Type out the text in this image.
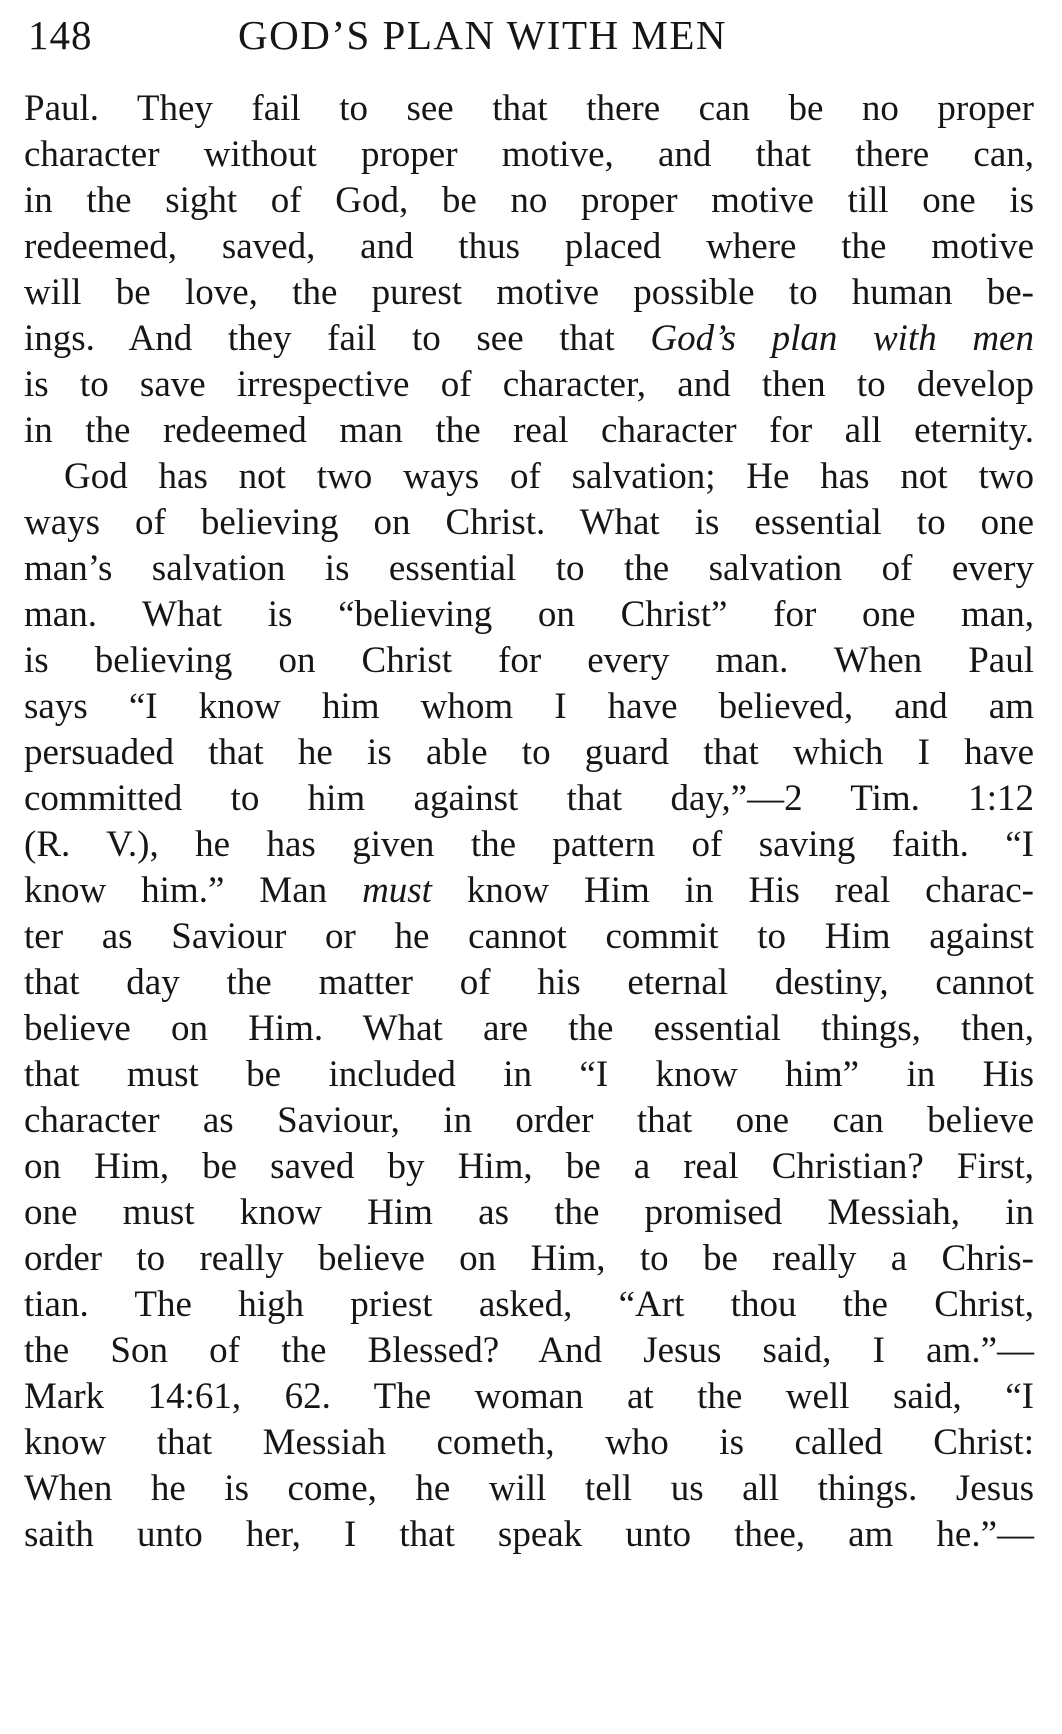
148	GOD’S PLAN WITH MEN
Paul. They fail to see that there can be no proper
character without proper motive, and that there can,
in the sight of God, be no proper motive till one is
redeemed, saved, and thus placed where the motive
will be love, the purest motive possible to human be-
ings. And they fail to see that God’s plan with men
is to save irrespective of character, and then to develop
in the redeemed man the real character for all eternity.
God has not two ways of salvation; He has not two
ways of believing on Christ. What is essential to one
man’s salvation is essential to the salvation of every
man. What is “believing on Christ” for one man,
is believing on Christ for every man. When Paul
says “I know him whom I have believed, and am
persuaded that he is able to guard that which I have
committed to him against that day,”—2 Tim. 1:12
(R. V.), he has given the pattern of saving faith. “I
know him.” Man must know Him in His real charac-
ter as Saviour or he cannot commit to Him against
that day the matter of his eternal destiny, cannot
believe on Him. What are the essential things, then,
that must be included in “I know him” in His
character as Saviour, in order that one can believe
on Him, be saved by Him, be a real Christian? First,
one must know Him as the promised Messiah, in
order to really believe on Him, to be really a Chris-
tian. The high priest asked, “Art thou the Christ,
the Son of the Blessed? And Jesus said, I am.”—
Mark 14:61, 62. The woman at the well said, “I
know that Messiah cometh, who is called Christ:
When he is come, he will tell us all things. Jesus
saith unto her, I that speak unto thee, am he.”—
